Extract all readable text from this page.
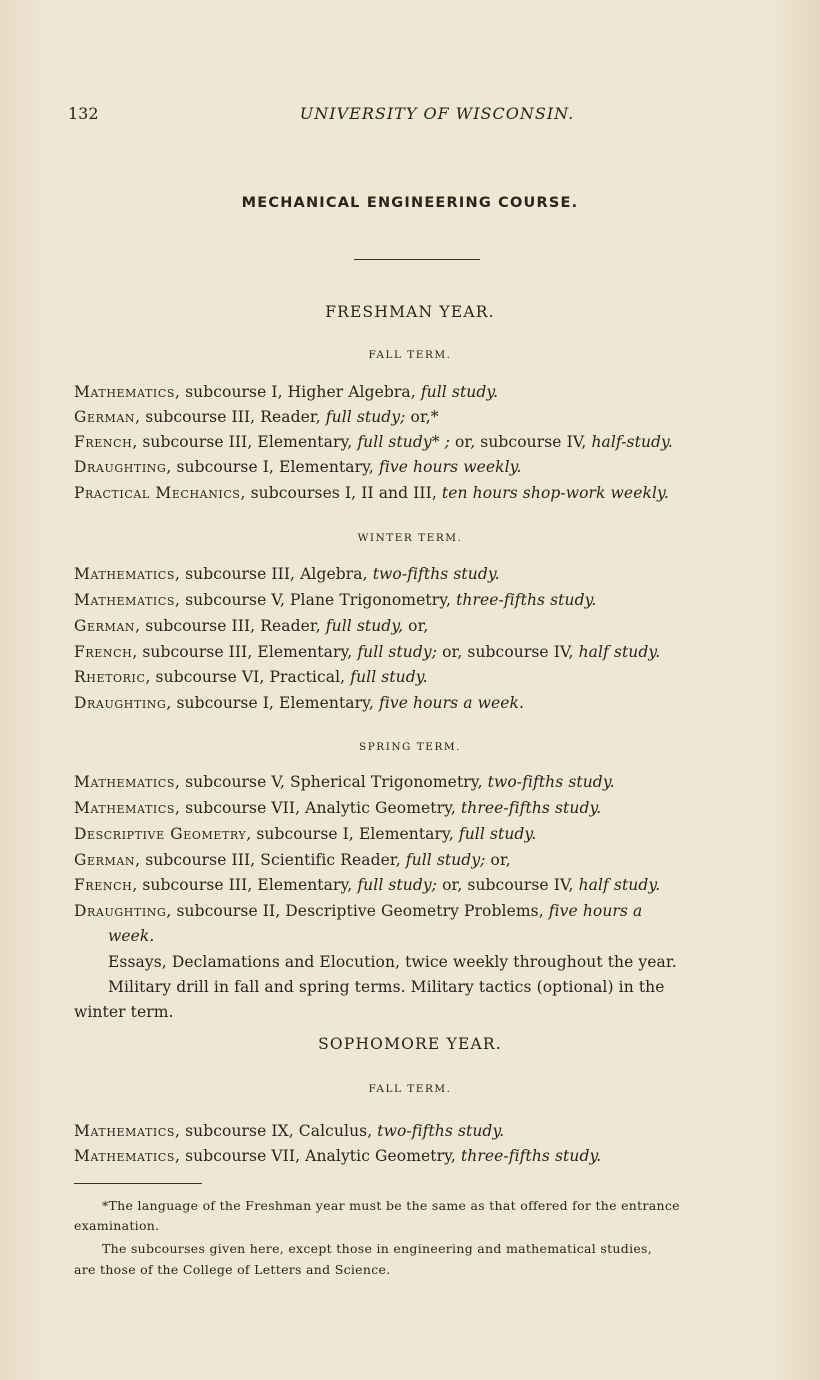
132	UNIVERSITY OF WISCONSIN.
MECHANICAL ENGINEERING COURSE.
FRESHMAN YEAR.
FALL TERM.
Mathematics, subcourse I, Higher Algebra, full study.
German, subcourse III, Reader, full study; or,*
French, subcourse III, Elementary, full study* ; or, subcourse IV, half-study.
Draughting, subcourse I, Elementary, five hours weekly.
Practical Mechanics, subcourses I, II and III, ten hours shop-work weekly.
WINTER TERM.
Mathematics, subcourse III, Algebra, two-fifths study.
Mathematics, subcourse V, Plane Trigonometry, three-fifths study.
German, subcourse III, Reader, full study, or,
French, subcourse III, Elementary, full study; or, subcourse IV, half study.
Rhetoric, subcourse VI, Practical, full study.
Draughting, subcourse I, Elementary, five hours a week.
SPRING TERM.
Mathematics, subcourse V, Spherical Trigonometry, two-fifths study.
Mathematics, subcourse VII, Analytic Geometry, three-fifths study.
Descriptive Geometry, subcourse I, Elementary, full study.
German, subcourse III, Scientific Reader, full study; or,
French, subcourse III, Elementary, full study; or, subcourse IV, half study.
Draughting, subcourse II, Descriptive Geometry Problems, five hours a
week.
Essays, Declamations and Elocution, twice weekly throughout the year.
Military drill in fall and spring terms. Military tactics (optional) in the
winter term.
SOPHOMORE YEAR.
FALL TERM.
Mathematics, subcourse IX, Calculus, two-fifths study.
Mathematics, subcourse VII, Analytic Geometry, three-fifths study.
*The language of the Freshman year must be the same as that offered for the entrance
examination.
The subcourses given here, except those in engineering and mathematical studies,
are those of the College of Letters and Science.
